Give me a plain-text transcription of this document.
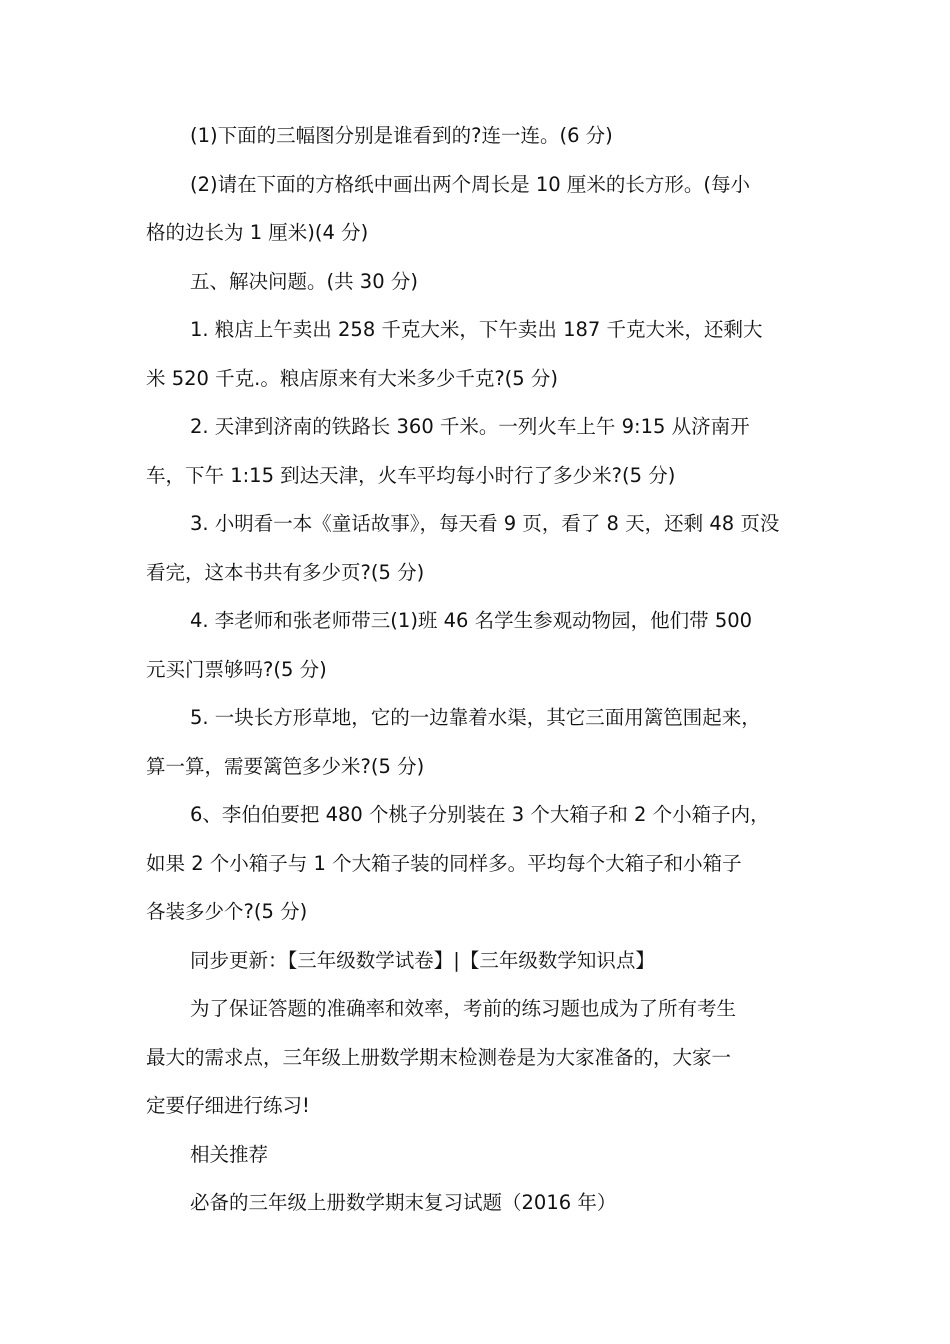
(1)下面的三幅图分别是谁看到的?连一连。(6 分)

(2)请在下面的方格纸中画出两个周长是 10 厘米的长方形。(每小
格的边长为 1 厘米)(4 分)

五、解决问题。(共 30 分)

1. 粮店上午卖出 258 千克大米，下午卖出 187 千克大米，还剩大
米 520 千克.。粮店原来有大米多少千克?(5 分)

2. 天津到济南的铁路长 360 千米。一列火车上午 9:15 从济南开
车，下午 1:15 到达天津，火车平均每小时行了多少米?(5 分)

3. 小明看一本《童话故事》，每天看 9 页，看了 8 天，还剩 48 页没
看完，这本书共有多少页?(5 分)

4. 李老师和张老师带三(1)班 46 名学生参观动物园，他们带 500
元买门票够吗?(5 分)

5. 一块长方形草地，它的一边靠着水渠，其它三面用篱笆围起来，
算一算，需要篱笆多少米?(5 分)

6、李伯伯要把 480 个桃子分别装在 3 个大箱子和 2 个小箱子内，
如果 2 个小箱子与 1 个大箱子装的同样多。平均每个大箱子和小箱子
各装多少个?(5 分)

同步更新：【三年级数学试卷】|【三年级数学知识点】

为了保证答题的准确率和效率，考前的练习题也成为了所有考生
最大的需求点，三年级上册数学期末检测卷是为大家准备的，大家一
定要仔细进行练习!

相关推荐

必备的三年级上册数学期末复习试题（2016 年）
